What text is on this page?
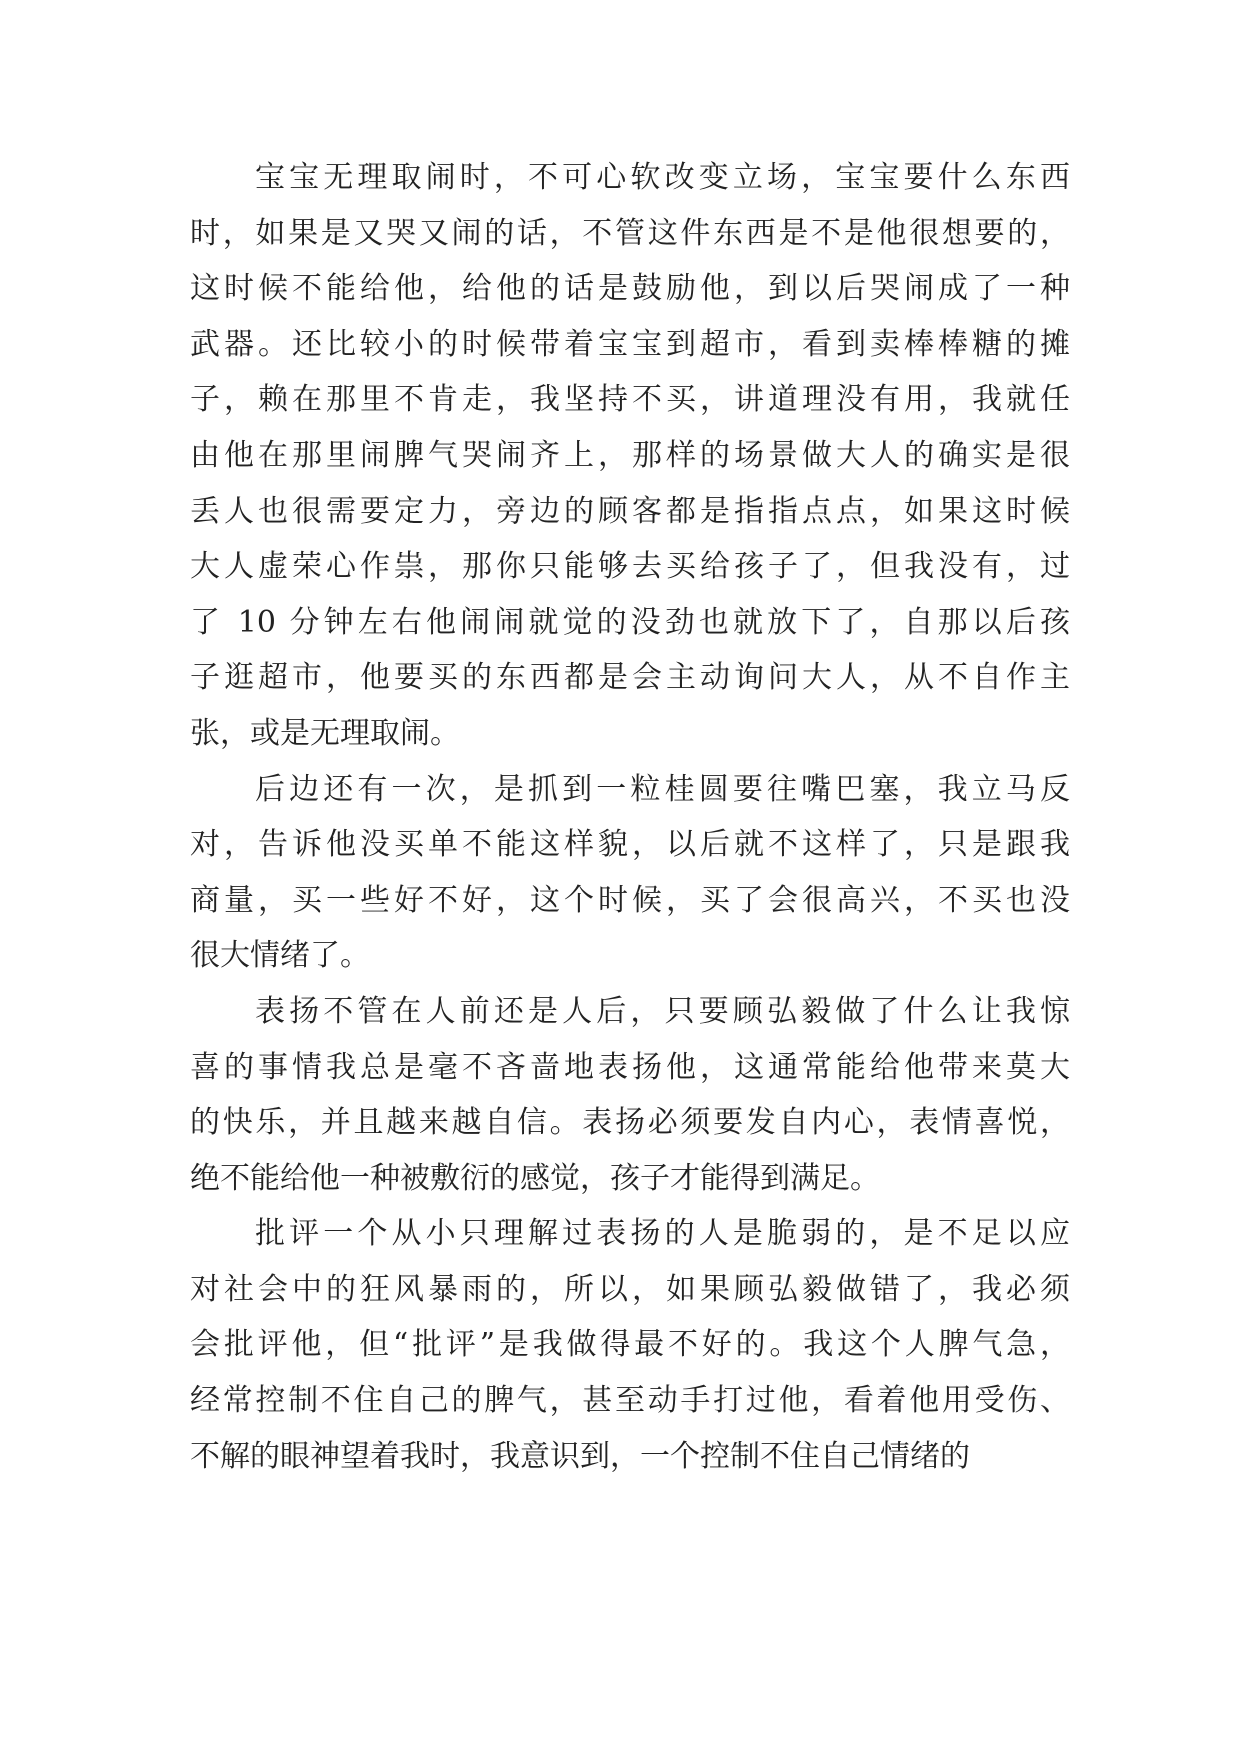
宝宝无理取闹时，不可心软改变立场，宝宝要什么东西
时，如果是又哭又闹的话，不管这件东西是不是他很想要的，
这时候不能给他，给他的话是鼓励他，到以后哭闹成了一种
武器。还比较小的时候带着宝宝到超市，看到卖棒棒糖的摊
子，赖在那里不肯走，我坚持不买，讲道理没有用，我就任
由他在那里闹脾气哭闹齐上，那样的场景做大人的确实是很
丢人也很需要定力，旁边的顾客都是指指点点，如果这时候
大人虚荣心作祟，那你只能够去买给孩子了，但我没有，过
了 10 分钟左右他闹闹就觉的没劲也就放下了，自那以后孩
子逛超市，他要买的东西都是会主动询问大人，从不自作主
张，或是无理取闹。
后边还有一次，是抓到一粒桂圆要往嘴巴塞，我立马反
对，告诉他没买单不能这样貌，以后就不这样了，只是跟我
商量，买一些好不好，这个时候，买了会很高兴，不买也没
很大情绪了。
表扬不管在人前还是人后，只要顾弘毅做了什么让我惊
喜的事情我总是毫不吝啬地表扬他，这通常能给他带来莫大
的快乐，并且越来越自信。表扬必须要发自内心，表情喜悦，
绝不能给他一种被敷衍的感觉，孩子才能得到满足。
批评一个从小只理解过表扬的人是脆弱的，是不足以应
对社会中的狂风暴雨的，所以，如果顾弘毅做错了，我必须
会批评他，但“批评”是我做得最不好的。我这个人脾气急，
经常控制不住自己的脾气，甚至动手打过他，看着他用受伤、
不解的眼神望着我时，我意识到，一个控制不住自己情绪的
